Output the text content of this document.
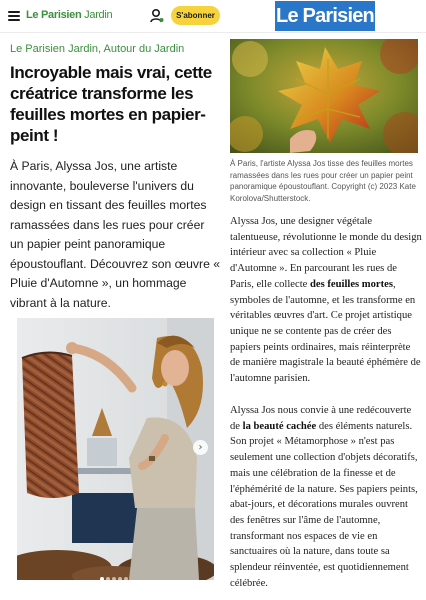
Le Parisien Jardin	S'abonner	Le Parisien
Le Parisien Jardin, Autour du Jardin
Incroyable mais vrai, cette créatrice transforme les feuilles mortes en papier-peint !

À Paris, Alyssa Jos, une artiste innovante, bouleverse l'univers du design en tissant des feuilles mortes ramassées dans les rues pour créer un papier peint panoramique époustouflant. Découvrez son œuvre « Pluie d'Automne », un hommage vibrant à la nature.

›

À Paris, l'artiste Alyssa Jos tisse des feuilles mortes ramassées dans les rues pour créer un papier peint panoramique époustouflant. Copyright (c) 2023 Kate Korolova/Shutterstock.

Alyssa Jos, une designer végétale talentueuse, révolutionne le monde du design intérieur avec sa collection « Pluie d'Automne ». En parcourant les rues de Paris, elle collecte des feuilles mortes, symboles de l'automne, et les transforme en véritables œuvres d'art. Ce projet artistique unique ne se contente pas de créer des papiers peints ordinaires, mais réinterprète de manière magistrale la beauté éphémère de l'automne parisien.

Alyssa Jos nous convie à une redécouverte de la beauté cachée des éléments naturels. Son projet « Métamorphose » n'est pas seulement une collection d'objets décoratifs, mais une célébration de la finesse et de l'éphémérité de la nature. Ses papiers peints, abat-jours, et décorations murales ouvrent des fenêtres sur l'âme de l'automne, transformant nos espaces de vie en sanctuaires où la nature, dans toute sa splendeur réinventée, est quotidiennement célébrée.
